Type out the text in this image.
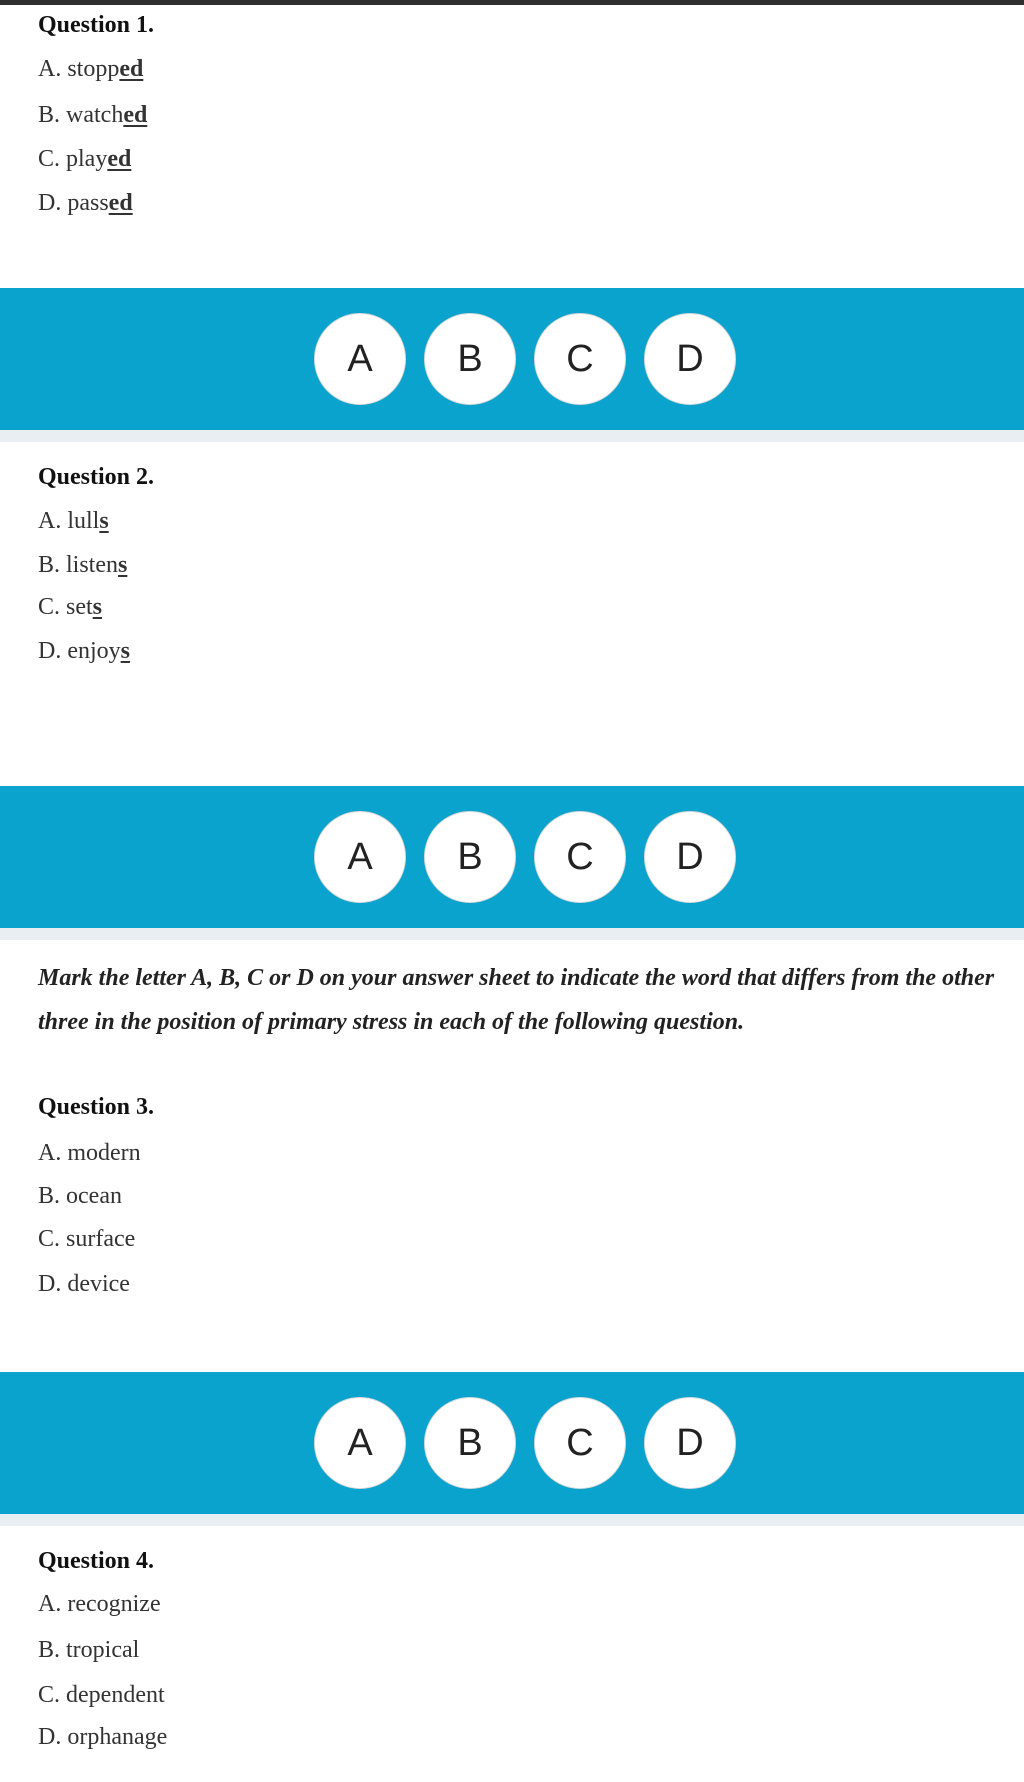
Question 1.
A. stopped
B. watched
C. played
D. passed
A	B	C	D
Question 2.
A. lulls
B. listens
C. sets
D. enjoys
A	B	C	D
Mark the letter A, B, C or D on your answer sheet to indicate the word that differs from the other three in the position of primary stress in each of the following question.
Question 3.
A. modern
B. ocean
C. surface
D. device
A	B	C	D
Question 4.
A. recognize
B. tropical
C. dependent
D. orphanage
